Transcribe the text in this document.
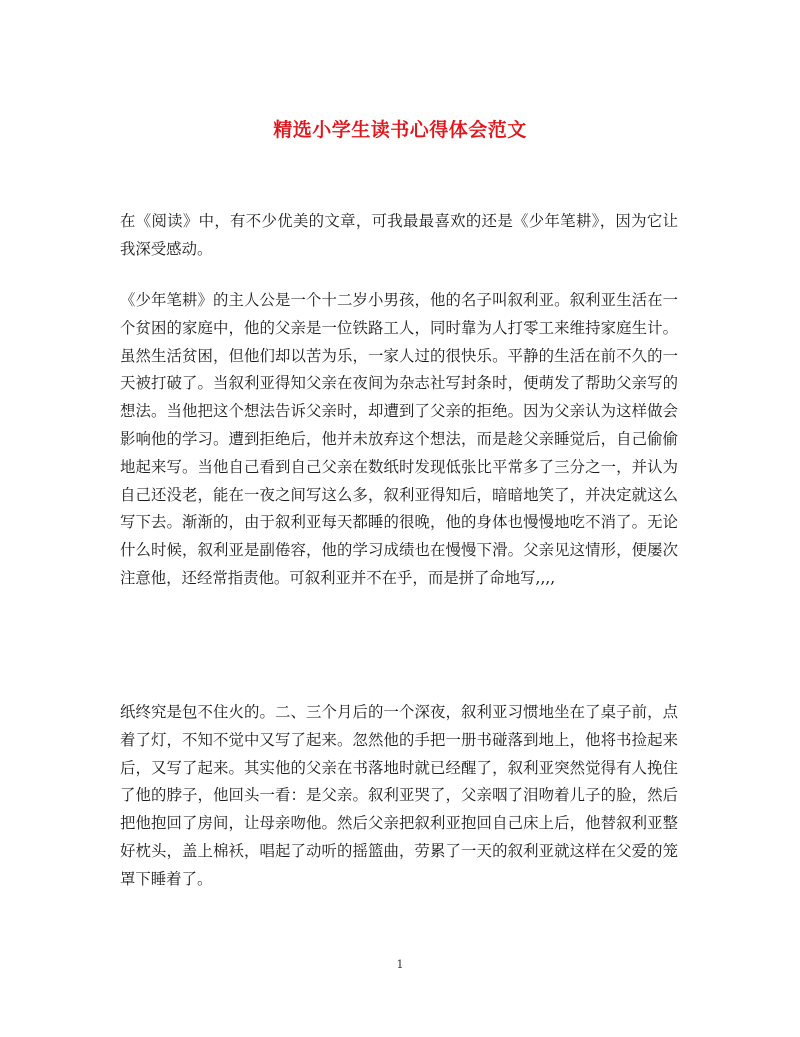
精选小学生读书心得体会范文

在《阅读》中，有不少优美的文章，可我最最喜欢的还是《少年笔耕》，因为它让我深受感动。

《少年笔耕》的主人公是一个十二岁小男孩，他的名子叫叙利亚。叙利亚生活在一个贫困的家庭中，他的父亲是一位铁路工人，同时靠为人打零工来维持家庭生计。虽然生活贫困，但他们却以苦为乐，一家人过的很快乐。平静的生活在前不久的一天被打破了。当叙利亚得知父亲在夜间为杂志社写封条时，便萌发了帮助父亲写的想法。当他把这个想法告诉父亲时，却遭到了父亲的拒绝。因为父亲认为这样做会影响他的学习。遭到拒绝后，他并未放弃这个想法，而是趁父亲睡觉后，自己偷偷地起来写。当他自己看到自己父亲在数纸时发现低张比平常多了三分之一，并认为自己还没老，能在一夜之间写这么多，叙利亚得知后，暗暗地笑了，并决定就这么写下去。渐渐的，由于叙利亚每天都睡的很晚，他的身体也慢慢地吃不消了。无论什么时候，叙利亚是副倦容，他的学习成绩也在慢慢下滑。父亲见这情形，便屡次注意他，还经常指责他。可叙利亚并不在乎，而是拼了命地写,,,,

纸终究是包不住火的。二、三个月后的一个深夜，叙利亚习惯地坐在了桌子前，点着了灯，不知不觉中又写了起来。忽然他的手把一册书碰落到地上，他将书捡起来后，又写了起来。其实他的父亲在书落地时就已经醒了，叙利亚突然觉得有人挽住了他的脖子，他回头一看：是父亲。叙利亚哭了，父亲咽了泪吻着儿子的脸，然后把他抱回了房间，让母亲吻他。然后父亲把叙利亚抱回自己床上后，他替叙利亚整好枕头，盖上棉袄，唱起了动听的摇篮曲，劳累了一天的叙利亚就这样在父爱的笼罩下睡着了。

1
